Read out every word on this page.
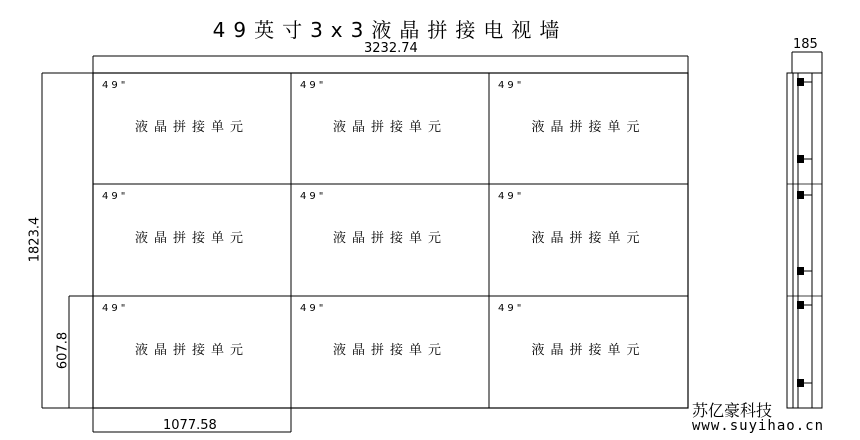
49英寸3x3液晶拼接电视墙
3232.74
1823.4
607.8
1077.58
185
49"
液晶拼接单元
49"
液晶拼接单元
49"
液晶拼接单元
49"
液晶拼接单元
49"
液晶拼接单元
49"
液晶拼接单元
49"
液晶拼接单元
49"
液晶拼接单元
49"
液晶拼接单元
苏亿豪科技
www.suyihao.cn
